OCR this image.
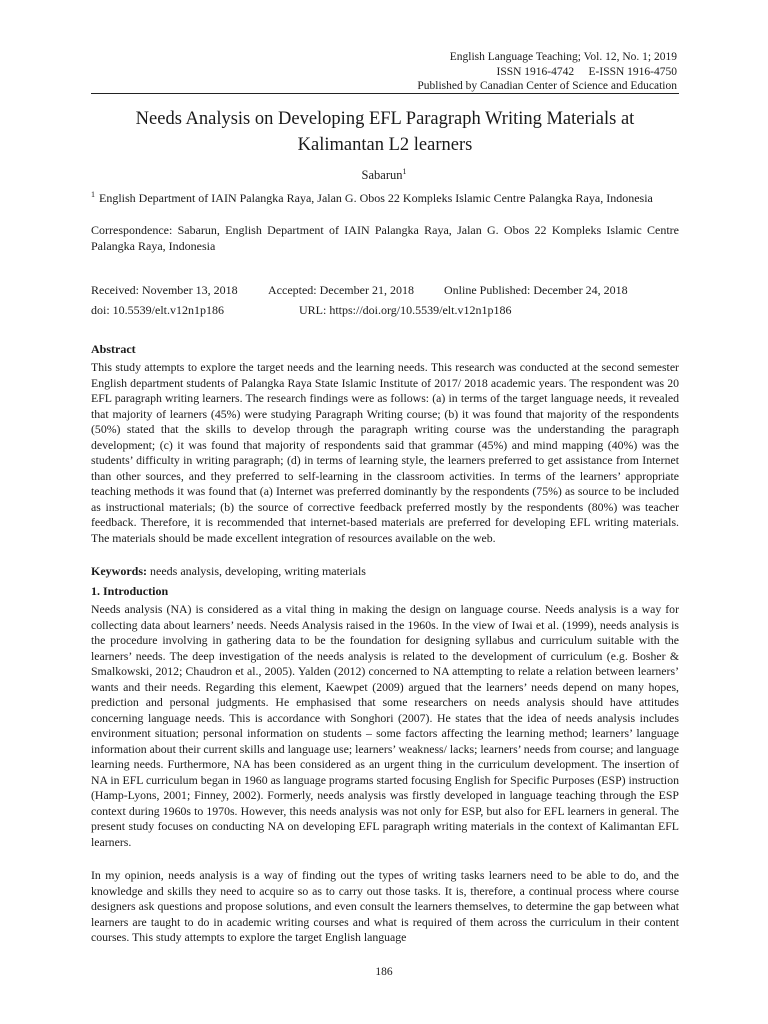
English Language Teaching; Vol. 12, No. 1; 2019
ISSN 1916-4742     E-ISSN 1916-4750
Published by Canadian Center of Science and Education
Needs Analysis on Developing EFL Paragraph Writing Materials at
Kalimantan L2 learners
Sabarun$^1$
$^1$ English Department of IAIN Palangka Raya, Jalan G. Obos 22 Kompleks Islamic Centre Palangka Raya, Indonesia
Correspondence: Sabarun, English Department of IAIN Palangka Raya, Jalan G. Obos 22 Kompleks Islamic Centre Palangka Raya, Indonesia
Received: November 13, 2018	Accepted: December 21, 2018	Online Published: December 24, 2018
doi: 10.5539/elt.v12n1p186	URL: https://doi.org/10.5539/elt.v12n1p186
Abstract
This study attempts to explore the target needs and the learning needs. This research was conducted at the second semester English department students of Palangka Raya State Islamic Institute of 2017/ 2018 academic years. The respondent was 20 EFL paragraph writing learners. The research findings were as follows: (a) in terms of the target language needs, it revealed that majority of learners (45%) were studying Paragraph Writing course; (b) it was found that majority of the respondents (50%) stated that the skills to develop through the paragraph writing course was the understanding the paragraph development; (c) it was found that majority of respondents said that grammar (45%) and mind mapping (40%) was the students’ difficulty in writing paragraph; (d) in terms of learning style, the learners preferred to get assistance from Internet than other sources, and they preferred to self-learning in the classroom activities. In terms of the learners’ appropriate teaching methods it was found that (a) Internet was preferred dominantly by the respondents (75%) as source to be included as instructional materials; (b) the source of corrective feedback preferred mostly by the respondents (80%) was teacher feedback. Therefore, it is recommended that internet-based materials are preferred for developing EFL writing materials. The materials should be made excellent integration of resources available on the web.
Keywords: needs analysis, developing, writing materials
1. Introduction
Needs analysis (NA) is considered as a vital thing in making the design on language course. Needs analysis is a way for collecting data about learners’ needs. Needs Analysis raised in the 1960s. In the view of Iwai et al. (1999), needs analysis is the procedure involving in gathering data to be the foundation for designing syllabus and curriculum suitable with the learners’ needs. The deep investigation of the needs analysis is related to the development of curriculum (e.g. Bosher & Smalkowski, 2012; Chaudron et al., 2005). Yalden (2012) concerned to NA attempting to relate a relation between learners’ wants and their needs. Regarding this element, Kaewpet (2009) argued that the learners’ needs depend on many hopes, prediction and personal judgments. He emphasised that some researchers on needs analysis should have attitudes concerning language needs. This is accordance with Songhori (2007). He states that the idea of needs analysis includes environment situation; personal information on students – some factors affecting the learning method; learners’ language information about their current skills and language use; learners’ weakness/ lacks; learners’ needs from course; and language learning needs. Furthermore, NA has been considered as an urgent thing in the curriculum development. The insertion of NA in EFL curriculum began in 1960 as language programs started focusing English for Specific Purposes (ESP) instruction (Hamp-Lyons, 2001; Finney, 2002). Formerly, needs analysis was firstly developed in language teaching through the ESP context during 1960s to 1970s. However, this needs analysis was not only for ESP, but also for EFL learners in general. The present study focuses on conducting NA on developing EFL paragraph writing materials in the context of Kalimantan EFL learners.
In my opinion, needs analysis is a way of finding out the types of writing tasks learners need to be able to do, and the knowledge and skills they need to acquire so as to carry out those tasks. It is, therefore, a continual process where course designers ask questions and propose solutions, and even consult the learners themselves, to determine the gap between what learners are taught to do in academic writing courses and what is required of them across the curriculum in their content courses. This study attempts to explore the target English language
186
